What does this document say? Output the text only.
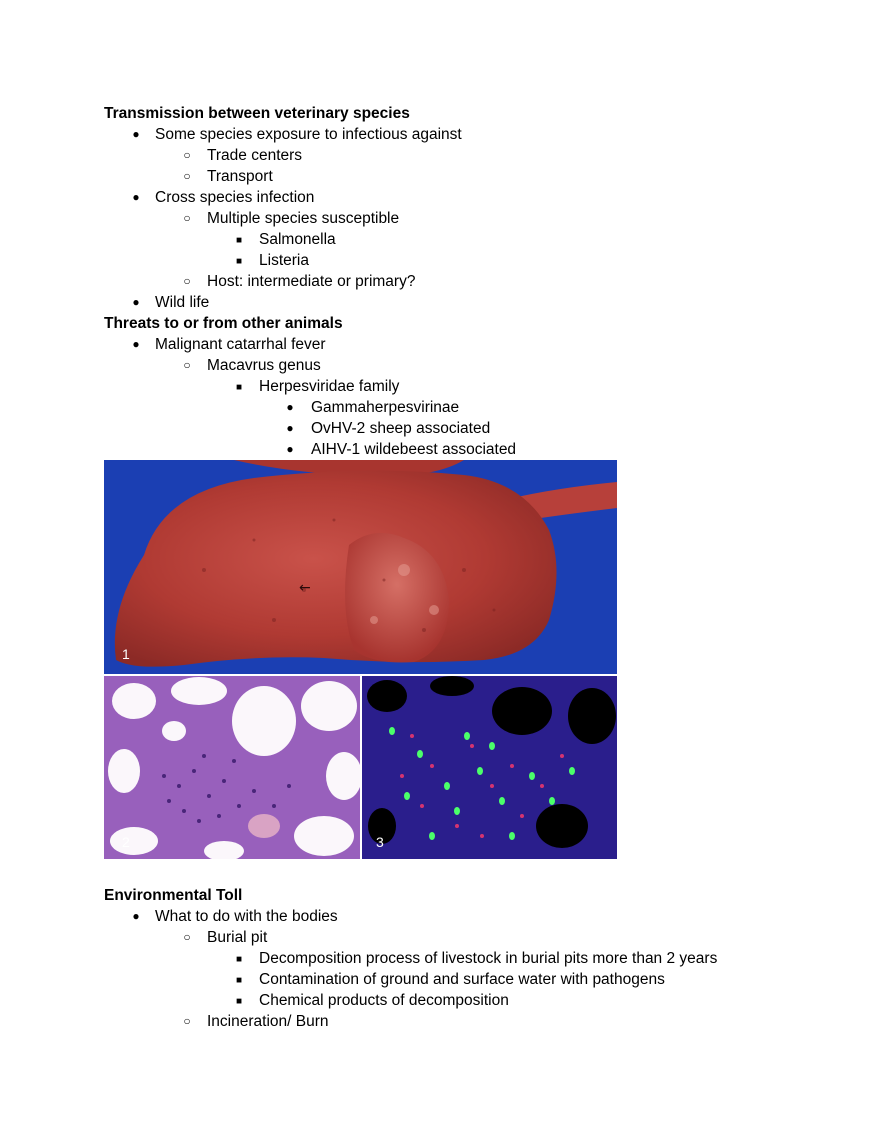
Transmission between veterinary species
●
Some species exposure to infectious against
○
Trade centers
○
Transport
●
Cross species infection
○
Multiple species susceptible
■
Salmonella
■
Listeria
○
Host: intermediate or primary?
●
Wild life
Threats to or from other animals
●
Malignant catarrhal fever
○
Macavrus genus
■
Herpesviridae family
●
Gammaherpesvirinae
●
OvHV-2 sheep associated
●
AIHV-1 wildebeest associated
←
1
2	3
Environmental Toll
●
What to do with the bodies
○
Burial pit
■
Decomposition process of livestock in burial pits more than 2 years
■
Contamination of ground and surface water with pathogens
■
Chemical products of decomposition
○
Incineration/ Burn
